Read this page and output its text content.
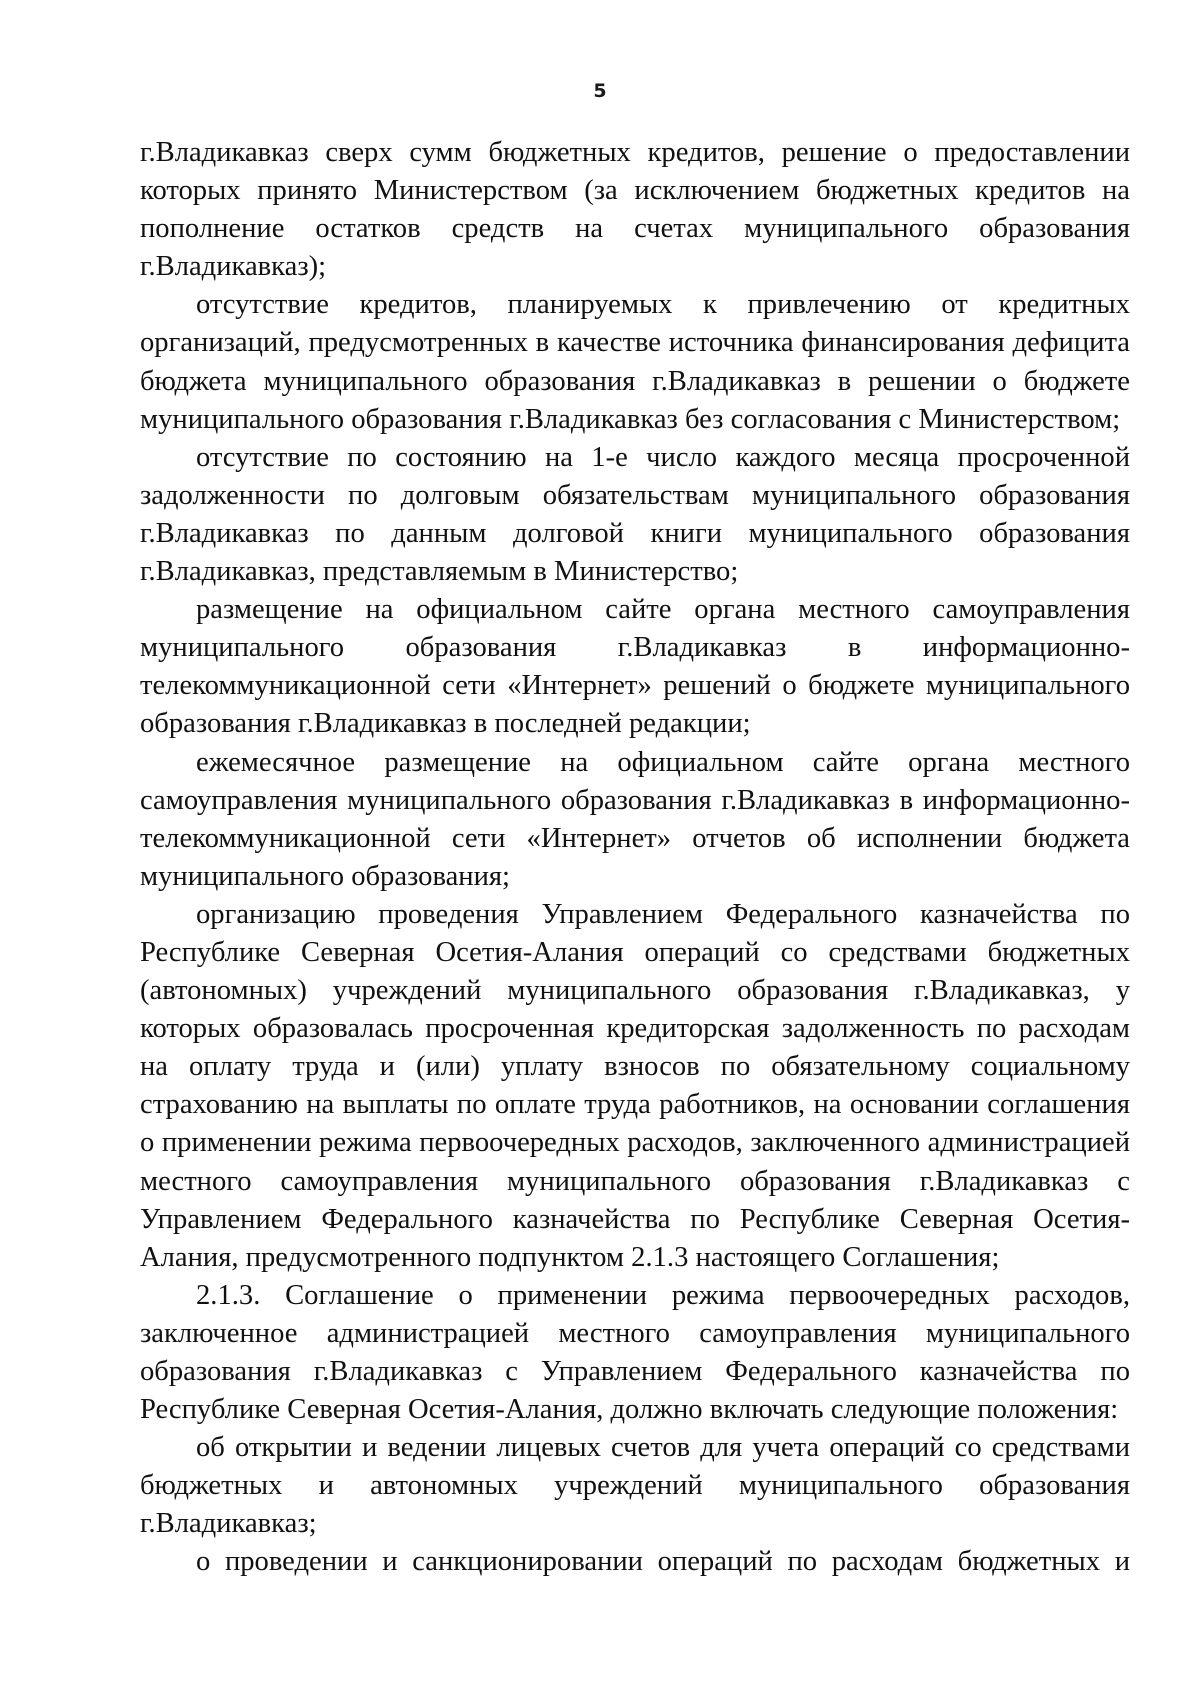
5

г.Владикавказ сверх сумм бюджетных кредитов, решение о предоставлении которых принято Министерством (за исключением бюджетных кредитов на пополнение остатков средств на счетах муниципального образования г.Владикавказ);

отсутствие кредитов, планируемых к привлечению от кредитных организаций, предусмотренных в качестве источника финансирования дефицита бюджета муниципального образования г.Владикавказ в решении о бюджете муниципального образования г.Владикавказ без согласования с Министерством;

отсутствие по состоянию на 1-е число каждого месяца просроченной задолженности по долговым обязательствам муниципального образования г.Владикавказ по данным долговой книги муниципального образования г.Владикавказ, представляемым в Министерство;

размещение на официальном сайте органа местного самоуправления муниципального образования г.Владикавказ в информационно-телекоммуникационной сети «Интернет» решений о бюджете муниципального образования г.Владикавказ в последней редакции;

ежемесячное размещение на официальном сайте органа местного самоуправления муниципального образования г.Владикавказ в информационно-телекоммуникационной сети «Интернет» отчетов об исполнении бюджета муниципального образования;

организацию проведения Управлением Федерального казначейства по Республике Северная Осетия-Алания операций со средствами бюджетных (автономных) учреждений муниципального образования г.Владикавказ, у которых образовалась просроченная кредиторская задолженность по расходам на оплату труда и (или) уплату взносов по обязательному социальному страхованию на выплаты по оплате труда работников, на основании соглашения о применении режима первоочередных расходов, заключенного администрацией местного самоуправления муниципального образования г.Владикавказ с Управлением Федерального казначейства по Республике Северная Осетия-Алания, предусмотренного подпунктом 2.1.3 настоящего Соглашения;

2.1.3. Соглашение о применении режима первоочередных расходов, заключенное администрацией местного самоуправления муниципального образования г.Владикавказ с Управлением Федерального казначейства по Республике Северная Осетия-Алания, должно включать следующие положения:

об открытии и ведении лицевых счетов для учета операций со средствами бюджетных и автономных учреждений муниципального образования г.Владикавказ;

о проведении и санкционировании операций по расходам бюджетных и
